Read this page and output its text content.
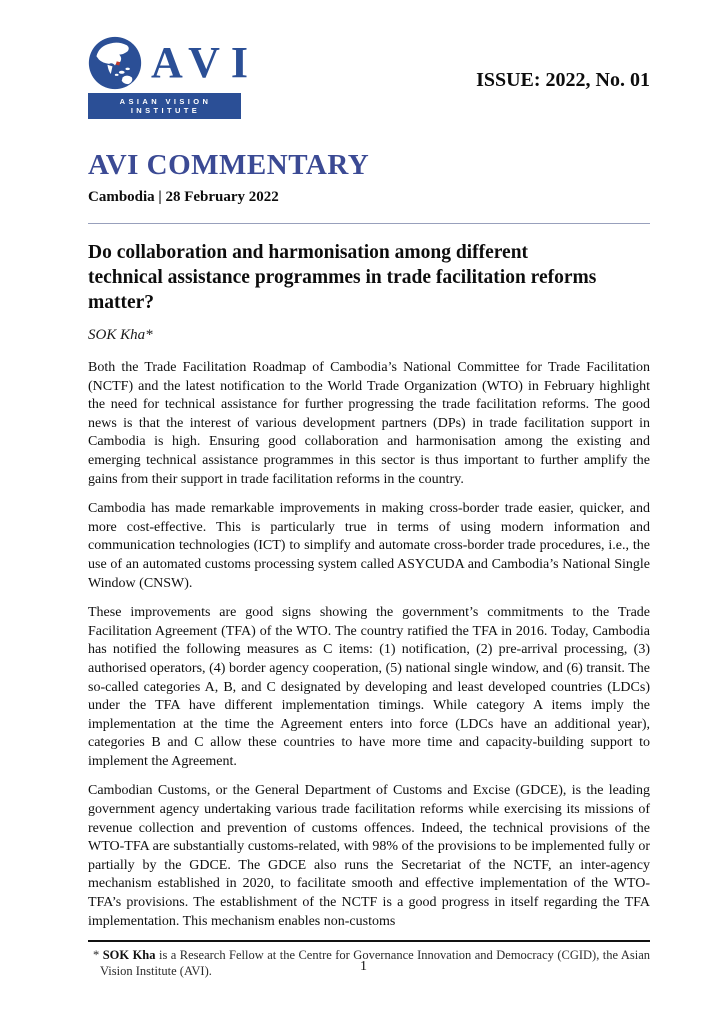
AVI
ASIAN VISION INSTITUTE
ISSUE: 2022, No. 01
AVI COMMENTARY
Cambodia | 28 February 2022
Do collaboration and harmonisation among different
technical assistance programmes in trade facilitation reforms
matter?
SOK Kha*

Both the Trade Facilitation Roadmap of Cambodia’s National Committee for Trade Facilitation (NCTF) and the latest notification to the World Trade Organization (WTO) in February highlight the need for technical assistance for further progressing the trade facilitation reforms. The good news is that the interest of various development partners (DPs) in trade facilitation support in Cambodia is high. Ensuring good collaboration and harmonisation among the existing and emerging technical assistance programmes in this sector is thus important to further amplify the gains from their support in trade facilitation reforms in the country.

Cambodia has made remarkable improvements in making cross-border trade easier, quicker, and more cost-effective. This is particularly true in terms of using modern information and communication technologies (ICT) to simplify and automate cross-border trade procedures, i.e., the use of an automated customs processing system called ASYCUDA and Cambodia’s National Single Window (CNSW).

These improvements are good signs showing the government’s commitments to the Trade Facilitation Agreement (TFA) of the WTO. The country ratified the TFA in 2016. Today, Cambodia has notified the following measures as C items: (1) notification, (2) pre-arrival processing, (3) authorised operators, (4) border agency cooperation, (5) national single window, and (6) transit. The so-called categories A, B, and C designated by developing and least developed countries (LDCs) under the TFA have different implementation timings. While category A items imply the implementation at the time the Agreement enters into force (LDCs have an additional year), categories B and C allow these countries to have more time and capacity-building support to implement the Agreement.

Cambodian Customs, or the General Department of Customs and Excise (GDCE), is the leading government agency undertaking various trade facilitation reforms while exercising its missions of revenue collection and prevention of customs offences. Indeed, the technical provisions of the WTO-TFA are substantially customs-related, with 98% of the provisions to be implemented fully or partially by the GDCE. The GDCE also runs the Secretariat of the NCTF, an inter-agency mechanism established in 2020, to facilitate smooth and effective implementation of the WTO-TFA’s provisions. The establishment of the NCTF is a good progress in itself regarding the TFA implementation. This mechanism enables non-customs

* SOK Kha is a Research Fellow at the Centre for Governance Innovation and Democracy (CGID), the Asian Vision Institute (AVI).	1
